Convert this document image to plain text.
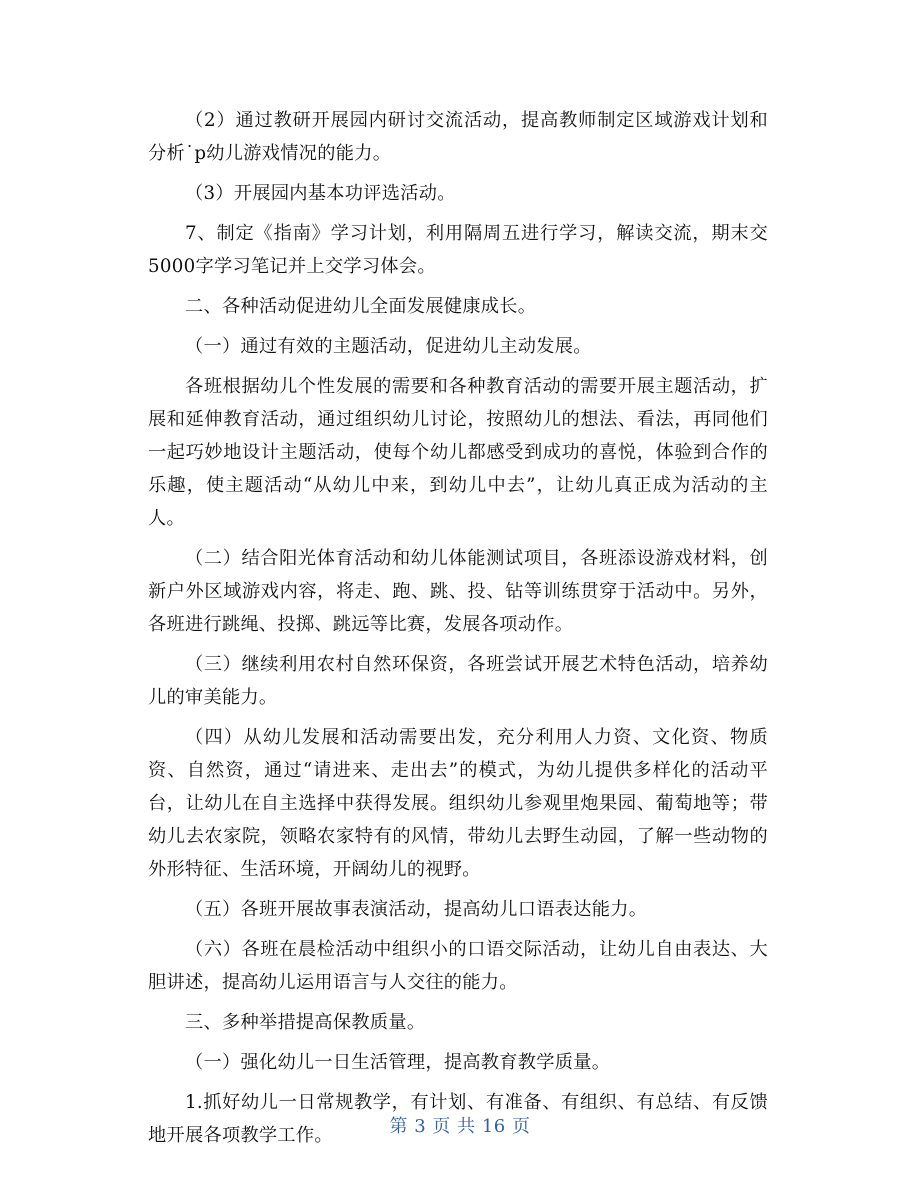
（2）通过教研开展园内研讨交流活动，提高教师制定区域游戏计划和分析˙p幼儿游戏情况的能力。

（3）开展园内基本功评选活动。

7、制定《指南》学习计划，利用隔周五进行学习，解读交流，期末交5000字学习笔记并上交学习体会。

二、各种活动促进幼儿全面发展健康成长。

（一）通过有效的主题活动，促进幼儿主动发展。

各班根据幼儿个性发展的需要和各种教育活动的需要开展主题活动，扩展和延伸教育活动，通过组织幼儿讨论，按照幼儿的想法、看法，再同他们一起巧妙地设计主题活动，使每个幼儿都感受到成功的喜悦，体验到合作的乐趣，使主题活动“从幼儿中来，到幼儿中去”，让幼儿真正成为活动的主人。

（二）结合阳光体育活动和幼儿体能测试项目，各班添设游戏材料，创新户外区域游戏内容，将走、跑、跳、投、钻等训练贯穿于活动中。另外，各班进行跳绳、投掷、跳远等比赛，发展各项动作。

（三）继续利用农村自然环保资，各班尝试开展艺术特色活动，培养幼儿的审美能力。

（四）从幼儿发展和活动需要出发，充分利用人力资、文化资、物质资、自然资，通过“请进来、走出去”的模式，为幼儿提供多样化的活动平台，让幼儿在自主选择中获得发展。组织幼儿参观里炮果园、葡萄地等；带幼儿去农家院，领略农家特有的风情，带幼儿去野生动园，了解一些动物的外形特征、生活环境，开阔幼儿的视野。

（五）各班开展故事表演活动，提高幼儿口语表达能力。

（六）各班在晨检活动中组织小的口语交际活动，让幼儿自由表达、大胆讲述，提高幼儿运用语言与人交往的能力。

三、多种举措提高保教质量。

（一）强化幼儿一日生活管理，提高教育教学质量。

1.抓好幼儿一日常规教学，有计划、有准备、有组织、有总结、有反馈地开展各项教学工作。	第 3 页 共 16 页
